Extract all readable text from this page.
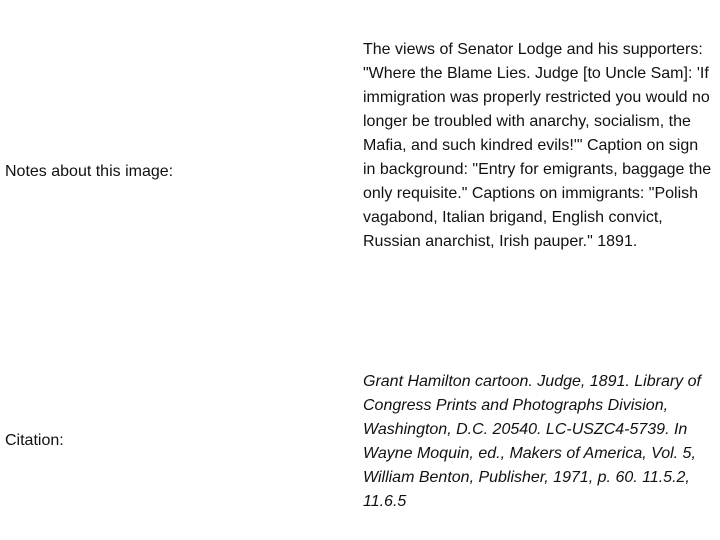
Notes about this image:
The views of Senator Lodge and his supporters: "Where the Blame Lies. Judge [to Uncle Sam]: 'If immigration was properly restricted you would no longer be troubled with anarchy, socialism, the Mafia, and such kindred evils!'" Caption on sign in background: "Entry for emigrants, baggage the only requisite." Captions on immigrants: "Polish vagabond, Italian brigand, English convict, Russian anarchist, Irish pauper." 1891.
Citation:
Grant Hamilton cartoon. Judge, 1891. Library of Congress Prints and Photographs Division, Washington, D.C. 20540. LC-USZC4-5739. In Wayne Moquin, ed., Makers of America, Vol. 5, William Benton, Publisher, 1971, p. 60. 11.5.2, 11.6.5
